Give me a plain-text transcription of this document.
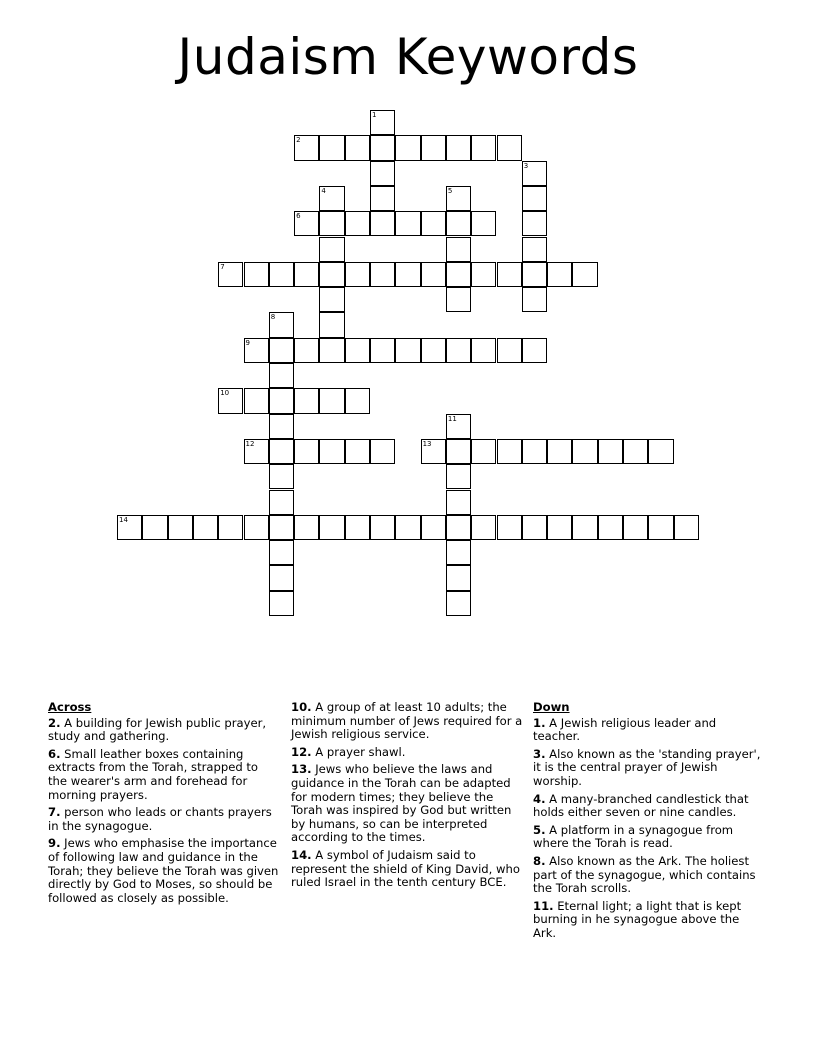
Judaism Keywords
1
2
3
4	5
6
7
8
9
10
11
12	13
14
Across
2. A building for Jewish public prayer, study and gathering.
6. Small leather boxes containing extracts from the Torah, strapped to the wearer's arm and forehead for morning prayers.
7. person who leads or chants prayers in the synagogue.
9. Jews who emphasise the importance of following law and guidance in the Torah; they believe the Torah was given directly by God to Moses, so should be followed as closely as possible.
10. A group of at least 10 adults; the minimum number of Jews required for a Jewish religious service.
12. A prayer shawl.
13. Jews who believe the laws and guidance in the Torah can be adapted for modern times; they believe the Torah was inspired by God but written by humans, so can be interpreted according to the times.
14. A symbol of Judaism said to represent the shield of King David, who ruled Israel in the tenth century BCE.
Down
1. A Jewish religious leader and teacher.
3. Also known as the 'standing prayer', it is the central prayer of Jewish worship.
4. A many-branched candlestick that holds either seven or nine candles.
5. A platform in a synagogue from where the Torah is read.
8. Also known as the Ark. The holiest part of the synagogue, which contains the Torah scrolls.
11. Eternal light; a light that is kept burning in he synagogue above the Ark.
